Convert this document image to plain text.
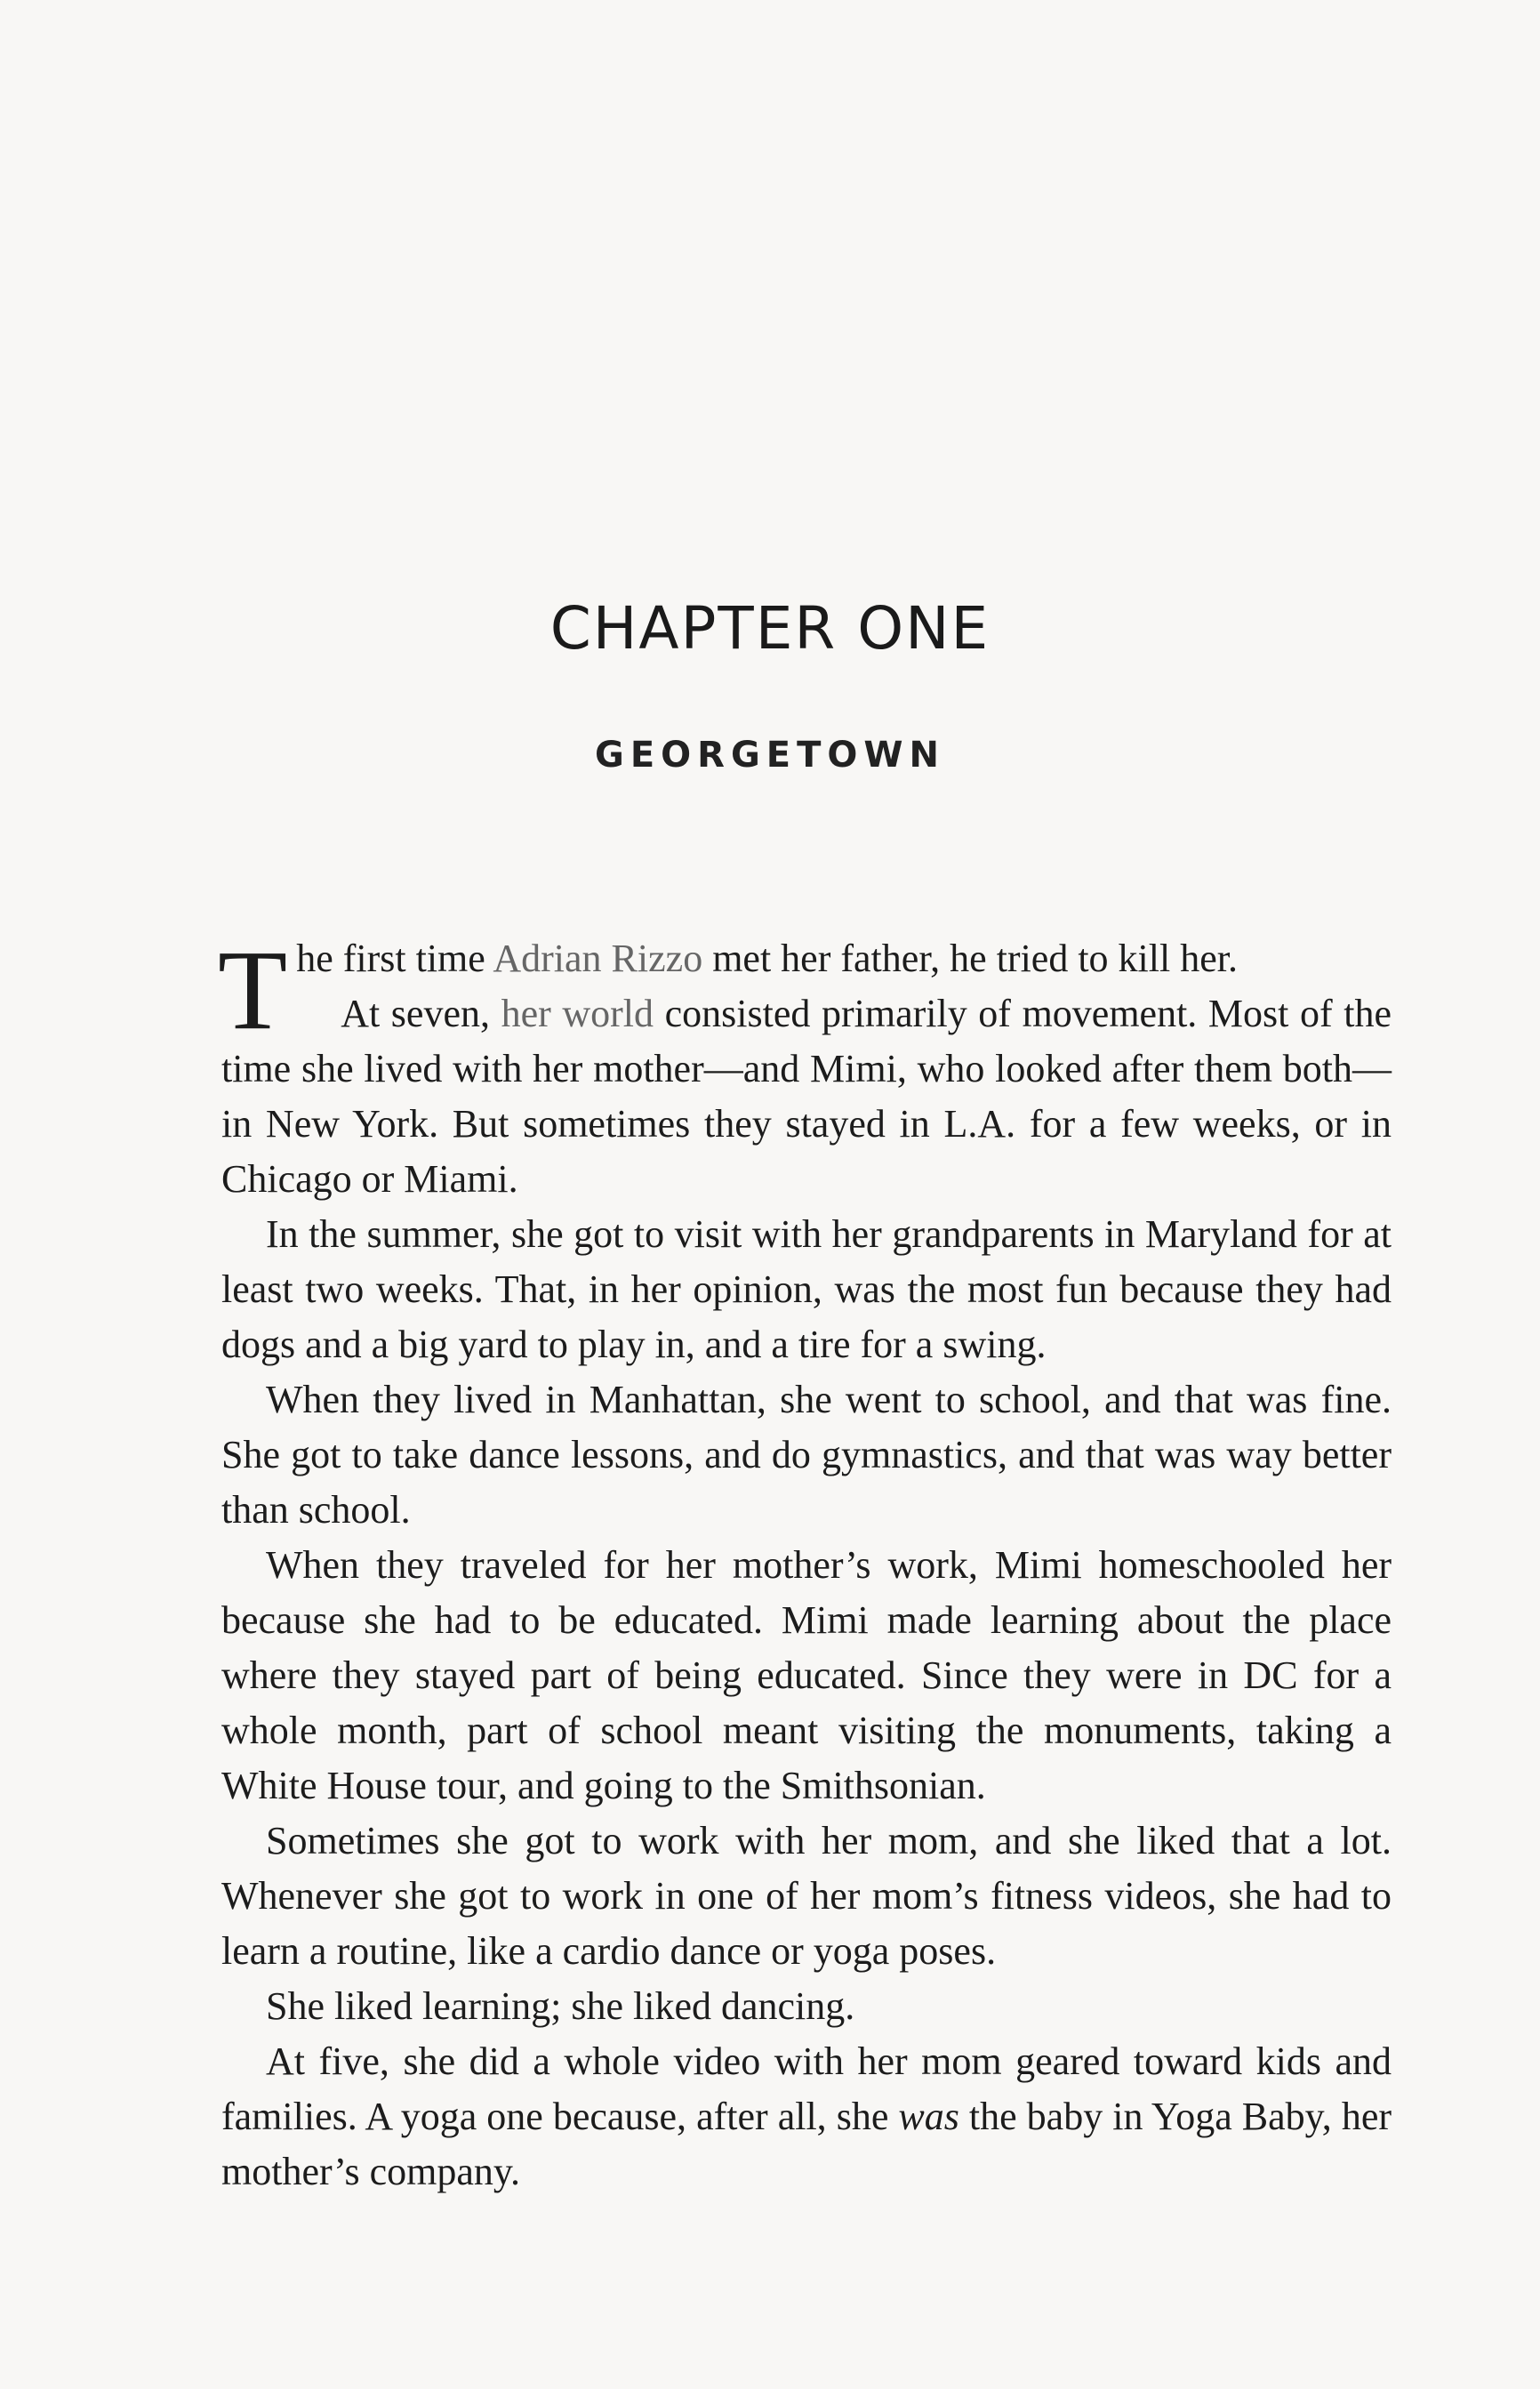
CHAPTER ONE
GEORGETOWN

The first time Adrian Rizzo met her father, he tried to kill her.

At seven, her world consisted primarily of movement. Most of the time she lived with her mother—and Mimi, who looked after them both—in New York. But sometimes they stayed in L.A. for a few weeks, or in Chicago or Miami.

In the summer, she got to visit with her grandparents in Maryland for at least two weeks. That, in her opinion, was the most fun because they had dogs and a big yard to play in, and a tire for a swing.

When they lived in Manhattan, she went to school, and that was fine. She got to take dance lessons, and do gymnastics, and that was way better than school.

When they traveled for her mother’s work, Mimi homeschooled her because she had to be educated. Mimi made learning about the place where they stayed part of being educated. Since they were in DC for a whole month, part of school meant visiting the monuments, taking a White House tour, and going to the Smithsonian.

Sometimes she got to work with her mom, and she liked that a lot. Whenever she got to work in one of her mom’s fitness videos, she had to learn a routine, like a cardio dance or yoga poses.

She liked learning; she liked dancing.

At five, she did a whole video with her mom geared toward kids and families. A yoga one because, after all, she was the baby in Yoga Baby, her mother’s company.
